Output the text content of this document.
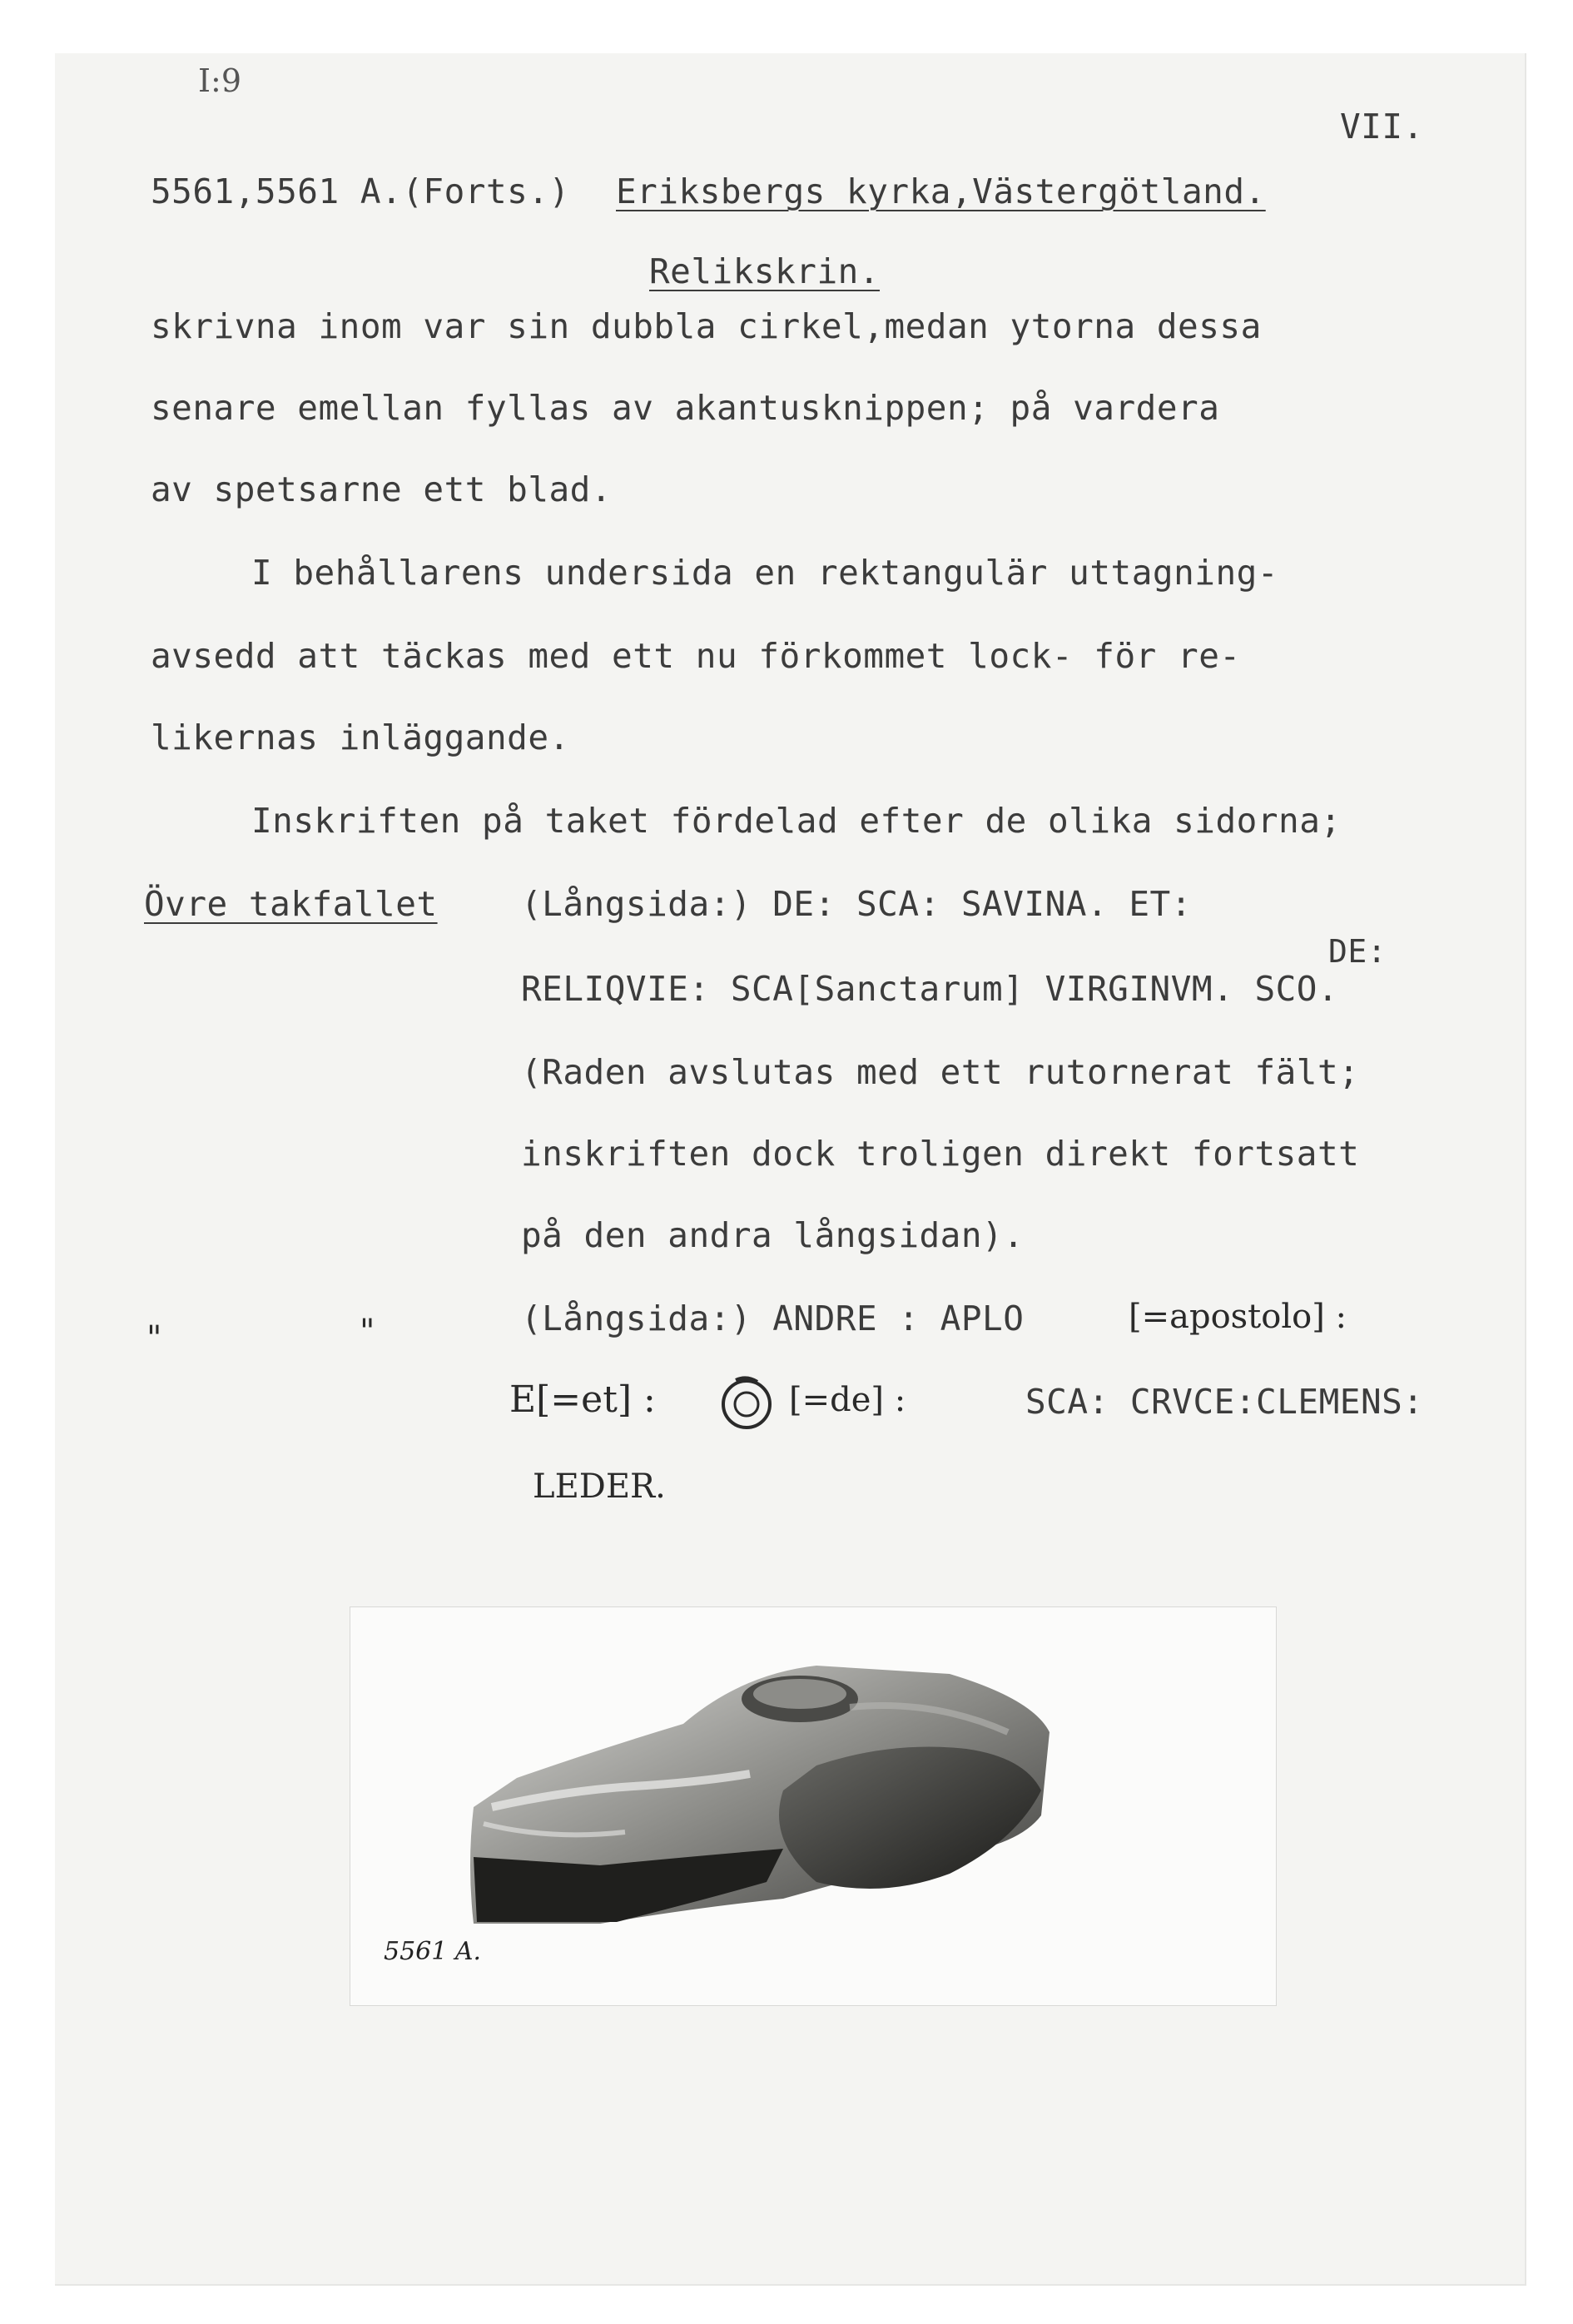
I:9
VII.
5561,5561 A.(Forts.) Eriksbergs kyrka,Västergötland.
Relikskrin.
skrivna inom var sin dubbla cirkel,medan ytorna dessa
senare emellan fyllas av akantusknippen; på vardera
av spetsarne ett blad.
I behållarens undersida en rektangulär uttagning-
avsedd att täckas med ett nu förkommet lock- för re-
likernas inläggande.
Inskriften på taket fördelad efter de olika sidorna;
Övre takfallet (Långsida:) DE: SCA: SAVINA. ET:
DE:
RELIQVIE: SCA[Sanctarum] VIRGINVM. SCO.
(Raden avslutas med ett rutornerat fält;
inskriften dock troligen direkt fortsatt
på den andra långsidan).
"	"	(Långsida:) ANDRE : APLO	[=apostolo] :
E[=et] :	[=de] :	SCA: CRVCE:CLEMENS:
LEDER.
5561 A.
